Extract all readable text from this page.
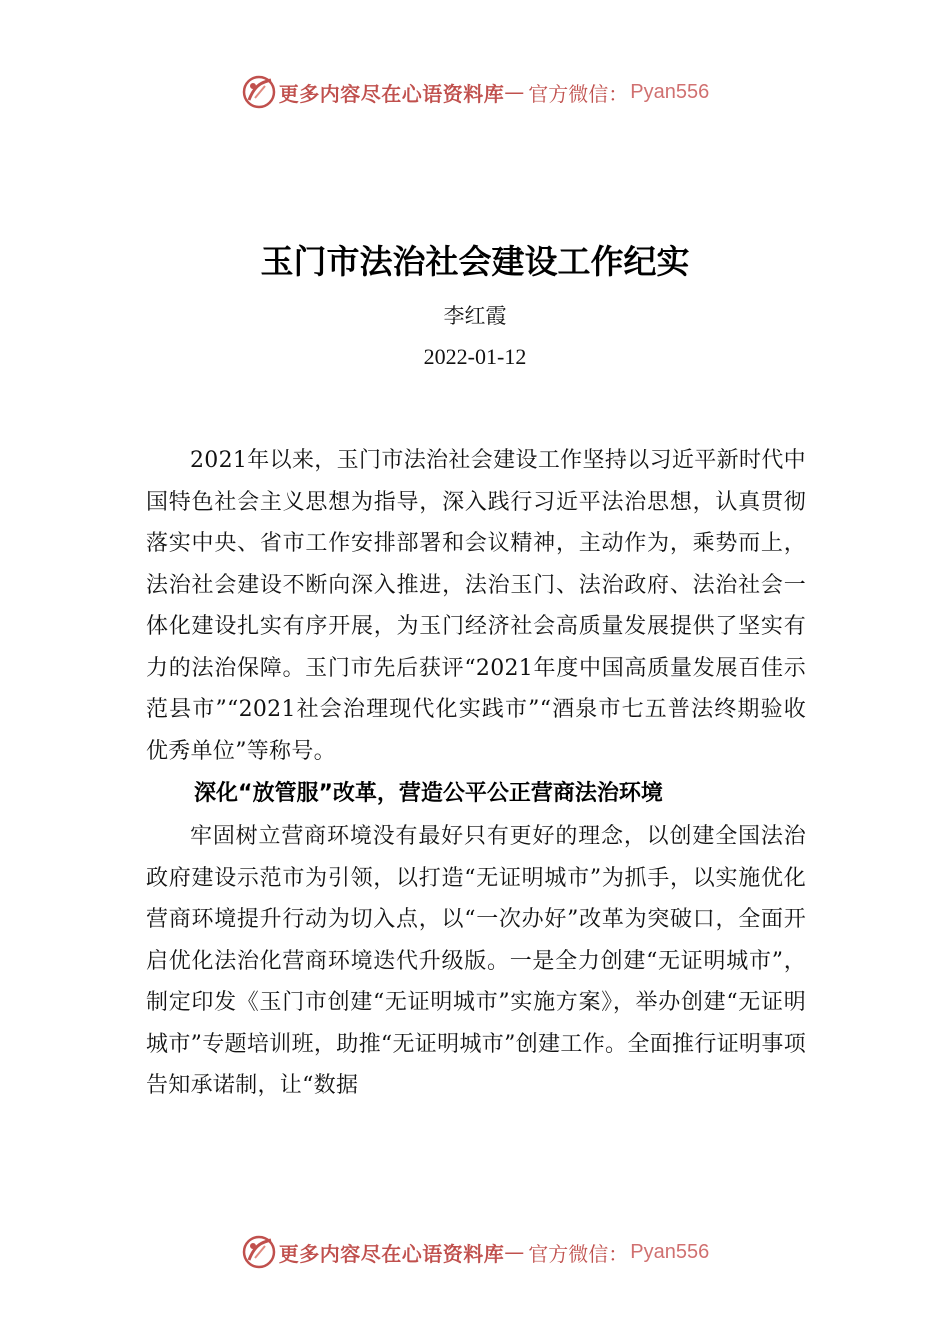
更多内容尽在心语资料库 — 官方微信： Pyan556
玉门市法治社会建设工作纪实
李红霞
2022-01-12

2021年以来，玉门市法治社会建设工作坚持以习近平新时代中国特色社会主义思想为指导，深入践行习近平法治思想，认真贯彻落实中央、省市工作安排部署和会议精神，主动作为，乘势而上，法治社会建设不断向深入推进，法治玉门、法治政府、法治社会一体化建设扎实有序开展，为玉门经济社会高质量发展提供了坚实有力的法治保障。玉门市先后获评“2021年度中国高质量发展百佳示范县市”“2021社会治理现代化实践市”“酒泉市七五普法终期验收优秀单位”等称号。

深化“放管服”改革，营造公平公正营商法治环境

牢固树立营商环境没有最好只有更好的理念，以创建全国法治政府建设示范市为引领，以打造“无证明城市”为抓手，以实施优化营商环境提升行动为切入点，以“一次办好”改革为突破口，全面开启优化法治化营商环境迭代升级版。一是全力创建“无证明城市”，制定印发《玉门市创建“无证明城市”实施方案》，举办创建“无证明城市”专题培训班，助推“无证明城市”创建工作。全面推行证明事项告知承诺制，让“数据

更多内容尽在心语资料库 — 官方微信： Pyan556
